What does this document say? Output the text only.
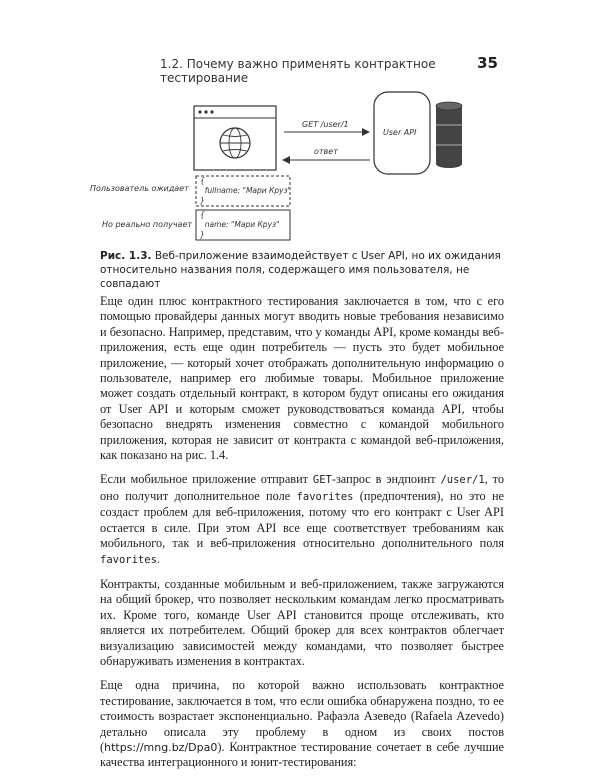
1.2. Почему важно применять контрактное тестирование
35
GET /user/1
ответ
User API
Пользователь ожидает
Но реально получает
{
fullname: "Мари Круз"
}
{
name: "Мари Круз"
}
Рис. 1.3. Веб-приложение взаимодействует с User API, но их ожидания относительно названия поля, содержащего имя пользователя, не совпадают

Еще один плюс контрактного тестирования заключается в том, что с его помощью провайдеры данных могут вводить новые требования независимо и безопасно. Например, представим, что у команды API, кроме команды веб-приложения, есть еще один потребитель — пусть это будет мобильное приложение, — который хочет отображать дополнительную информацию о пользователе, например его любимые товары. Мобильное приложение может создать отдельный контракт, в котором будут описаны его ожидания от User API и которым сможет руководствоваться команда API, чтобы безопасно внедрять изменения совместно с командой мобильного приложения, которая не зависит от контракта с командой веб-приложения, как показано на рис. 1.4.

Если мобильное приложение отправит GET-запрос в эндпоинт /user/1, то оно получит дополнительное поле favorites (предпочтения), но это не создаст проблем для веб-приложения, потому что его контракт с User API остается в силе. При этом API все еще соответствует требованиям как мобильного, так и веб-приложения относительно дополнительного поля favorites.

Контракты, созданные мобильным и веб-приложением, также загружаются на общий брокер, что позволяет нескольким командам легко просматривать их. Кроме того, команде User API становится проще отслеживать, кто является их потребителем. Общий брокер для всех контрактов облегчает визуализацию зависимостей между командами, что позволяет быстрее обнаруживать изменения в контрактах.

Еще одна причина, по которой важно использовать контрактное тестирование, заключается в том, что если ошибка обнаружена поздно, то ее стоимость возрастает экспоненциально. Рафаэла Азеведо (Rafaela Azevedo) детально описала эту проблему в одном из своих постов (https://mng.bz/Dpa0). Контрактное тестирование сочетает в себе лучшие качества интеграционного и юнит-тестирования:
